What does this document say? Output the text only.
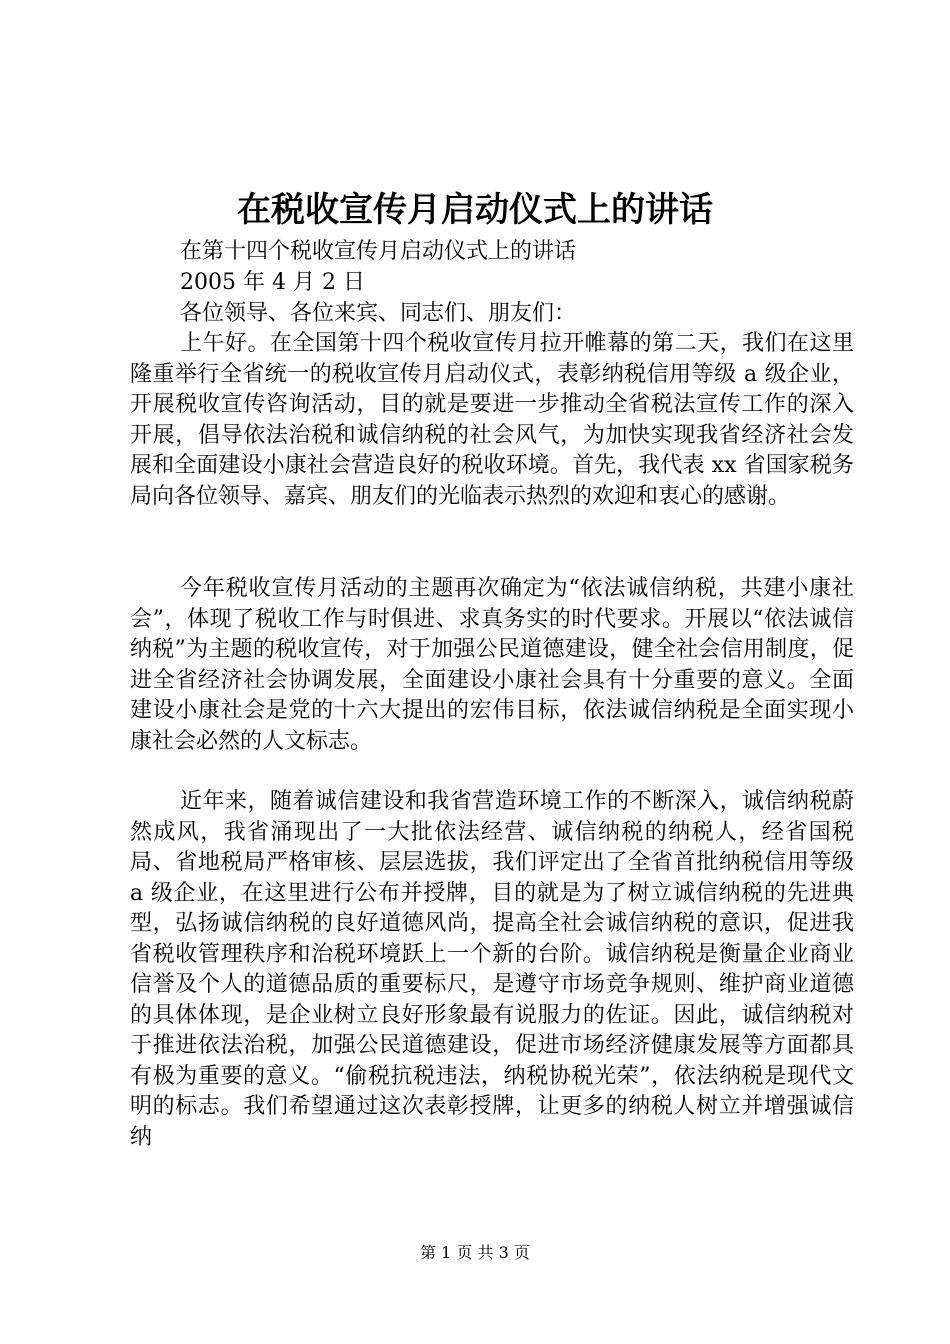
在税收宣传月启动仪式上的讲话
在第十四个税收宣传月启动仪式上的讲话
2005 年 4 月 2 日
各位领导、各位来宾、同志们、朋友们：

上午好。在全国第十四个税收宣传月拉开帷幕的第二天，我们在这里隆重举行全省统一的税收宣传月启动仪式，表彰纳税信用等级 a 级企业，开展税收宣传咨询活动，目的就是要进一步推动全省税法宣传工作的深入开展，倡导依法治税和诚信纳税的社会风气，为加快实现我省经济社会发展和全面建设小康社会营造良好的税收环境。首先，我代表 xx 省国家税务局向各位领导、嘉宾、朋友们的光临表示热烈的欢迎和衷心的感谢。

今年税收宣传月活动的主题再次确定为“依法诚信纳税，共建小康社会”，体现了税收工作与时俱进、求真务实的时代要求。开展以“依法诚信纳税”为主题的税收宣传，对于加强公民道德建设，健全社会信用制度，促进全省经济社会协调发展，全面建设小康社会具有十分重要的意义。全面建设小康社会是党的十六大提出的宏伟目标，依法诚信纳税是全面实现小康社会必然的人文标志。

近年来，随着诚信建设和我省营造环境工作的不断深入，诚信纳税蔚然成风，我省涌现出了一大批依法经营、诚信纳税的纳税人，经省国税局、省地税局严格审核、层层选拔，我们评定出了全省首批纳税信用等级 a 级企业，在这里进行公布并授牌，目的就是为了树立诚信纳税的先进典型，弘扬诚信纳税的良好道德风尚，提高全社会诚信纳税的意识，促进我省税收管理秩序和治税环境跃上一个新的台阶。诚信纳税是衡量企业商业信誉及个人的道德品质的重要标尺，是遵守市场竞争规则、维护商业道德的具体体现，是企业树立良好形象最有说服力的佐证。因此，诚信纳税对于推进依法治税，加强公民道德建设，促进市场经济健康发展等方面都具有极为重要的意义。“偷税抗税违法，纳税协税光荣”，依法纳税是现代文明的标志。我们希望通过这次表彰授牌，让更多的纳税人树立并增强诚信纳

第 1 页 共 3 页
